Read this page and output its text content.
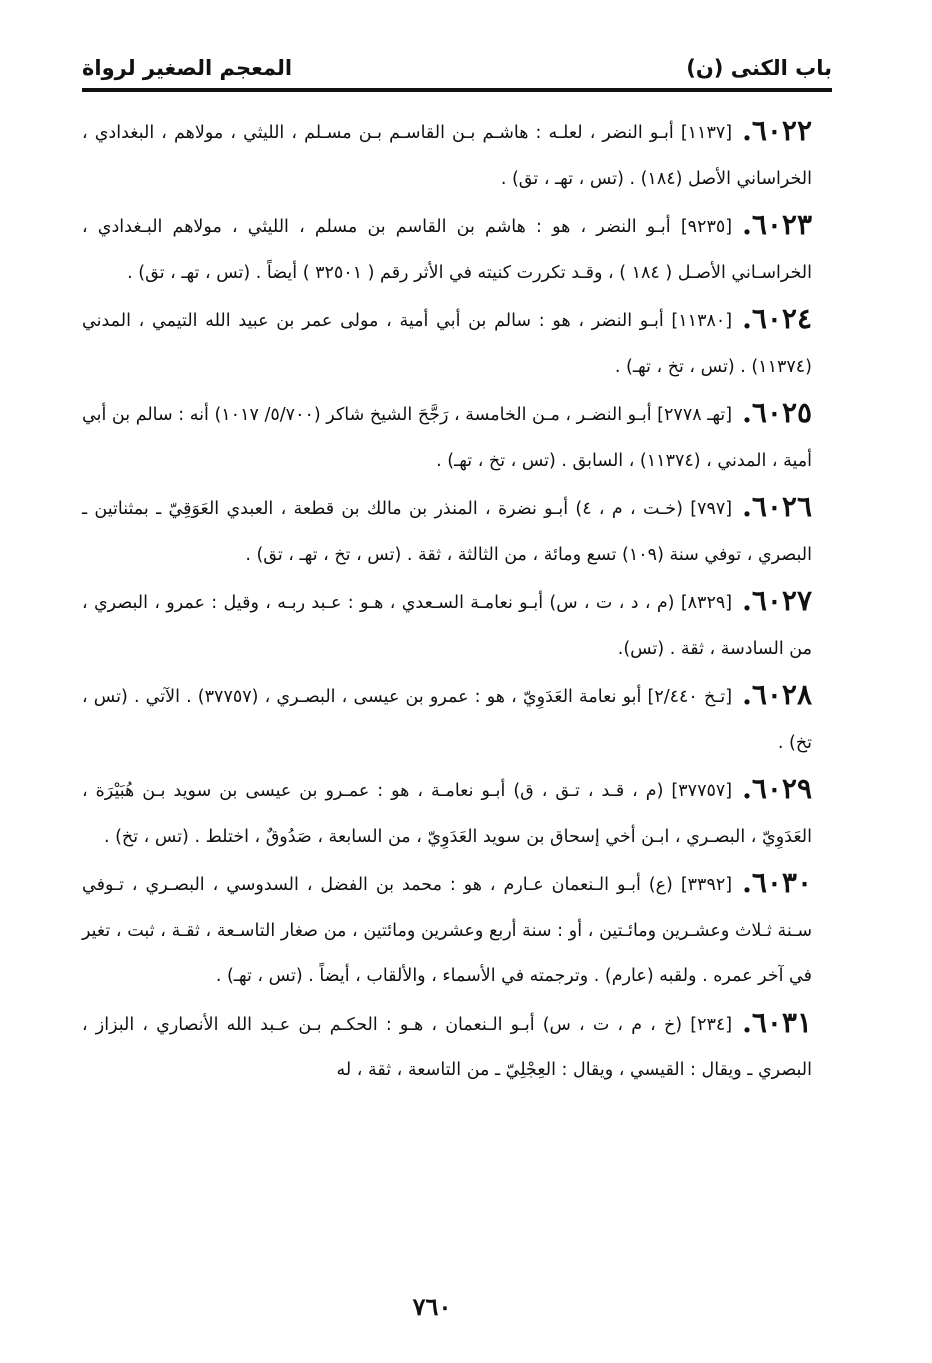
باب الكنى (ن)
المعجم الصغير لرواة

٦٠٢٢.[١١٣٧] أبـو النضر ، لعلـه : هاشـم بـن القاسـم بـن مسـلم ، الليثي ، مولاهم ، البغدادي ، الخراساني الأصل (١٨٤) . (تس ، تهـ ، تق) .

٦٠٢٣.[٩٢٣٥] أبـو النضر ، هو : هاشم بن القاسم بن مسلم ، الليثي ، مولاهم البـغدادي ، الخراسـاني الأصـل ( ١٨٤ ) ، وقـد تكررت كنيته في الأثر رقم ( ٣٢٥٠١ ) أيضاً . (تس ، تهـ ، تق) .

٦٠٢٤.[١١٣٨٠] أبـو النضر ، هو : سالم بن أبي أمية ، مولى عمر بن عبيد الله التيمي ، المدني (١١٣٧٤) . (تس ، تخ ، تهـ) .

٦٠٢٥.[تهـ ٢٧٧٨] أبـو النضـر ، مـن الخامسة ، رَجَّحَ الشيخ شاكر (٥/٧٠٠/ ١٠١٧) أنه : سالم بن أبي أمية ، المدني ، (١١٣٧٤) ، السابق . (تس ، تخ ، تهـ) .

٦٠٢٦.[٧٩٧] (خـت ، م ، ٤) أبـو نضرة ، المنذر بن مالك بن قطعة ، العبدي العَوَقِيّ ـ بمثناتين ـ البصري ، توفي سنة (١٠٩) تسع ومائة ، من الثالثة ، ثقة . (تس ، تخ ، تهـ ، تق) .

٦٠٢٧.[٨٣٢٩] (م ، د ، ت ، س) أبـو نعامـة السـعدي ، هـو : عـبد ربـه ، وقيل : عمرو ، البصري ، من السادسة ، ثقة . (تس).

٦٠٢٨.[تـخ ٢/٤٤٠] أبو نعامة العَدَوِيّ ، هو : عمرو بن عيسى ، البصـري ، (٣٧٧٥٧) . الآتي . (تس ، تخ) .

٦٠٢٩.[٣٧٧٥٧] (م ، قـد ، تـق ، ق) أبـو نعامـة ، هو : عمـرو بن عيسى بن سويد بـن هُبَيْرَة ، العَدَوِيّ ، البصـري ، ابـن أخي إسحاق بن سويد العَدَوِيّ ، من السابعة ، صَدُوقٌ ، اختلط . (تس ، تخ) .

٦٠٣٠.[٣٣٩٢] (ع) أبـو الـنعمان عـارم ، هو : محمد بن الفضل ، السدوسي ، البصـري ، تـوفي سـنة ثـلاث وعشـرين ومائـتين ، أو : سنة أربع وعشرين ومائتين ، من صغار التاسـعة ، ثقـة ، ثبت ، تغير في آخر عمره . ولقبه (عارم) . وترجمته في الأسماء ، والألقاب ، أيضاً . (تس ، تهـ) .

٦٠٣١.[٢٣٤] (خ ، م ، ت ، س) أبـو الـنعمان ، هـو : الحكـم بـن عـبد الله الأنصاري ، البزاز ، البصري ـ ويقال : القيسي ، ويقال : العِجْلِيّ ـ من التاسعة ، ثقة ، له

٧٦٠
